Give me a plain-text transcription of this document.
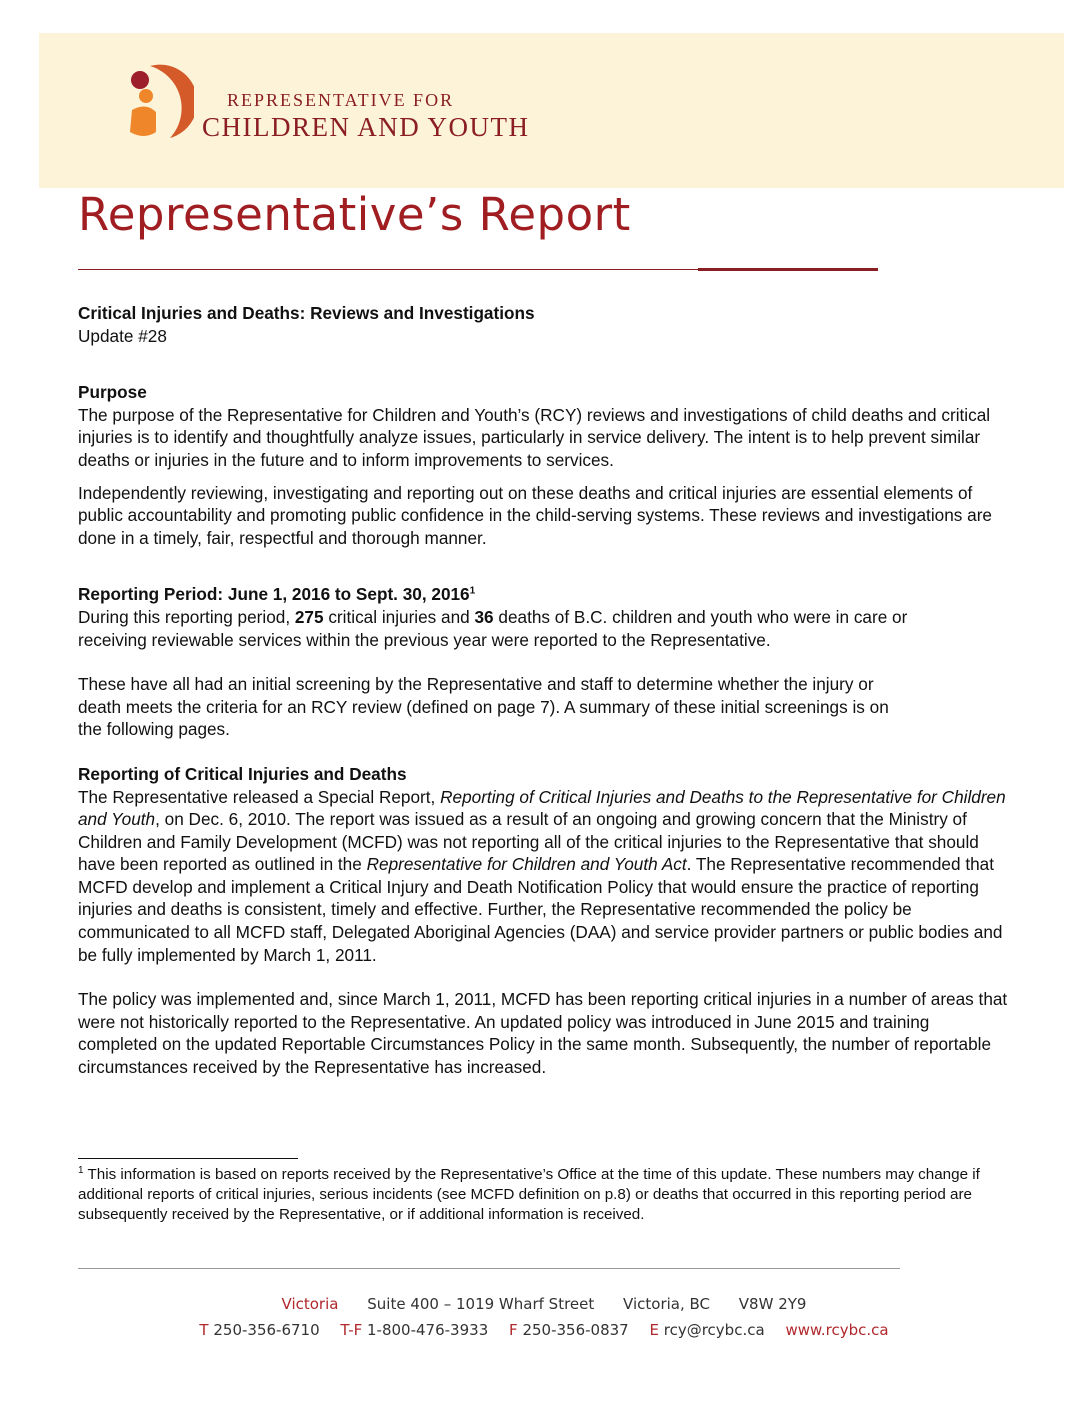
REPRESENTATIVE FOR
CHILDREN AND YOUTH
Representative’s Report

Critical Injuries and Deaths: Reviews and Investigations

Update #28

Purpose

The purpose of the Representative for Children and Youth’s (RCY) reviews and investigations of child deaths and critical injuries is to identify and thoughtfully analyze issues, particularly in service delivery. The intent is to help prevent similar deaths or injuries in the future and to inform improvements to services.

Independently reviewing, investigating and reporting out on these deaths and critical injuries are essential elements of public accountability and promoting public confidence in the child-serving systems. These reviews and investigations are done in a timely, fair, respectful and thorough manner.

Reporting Period: June 1, 2016 to Sept. 30, 2016$^1$

During this reporting period, 275 critical injuries and 36 deaths of B.C. children and youth who were in care or receiving reviewable services within the previous year were reported to the Representative.

These have all had an initial screening by the Representative and staff to determine whether the injury or death meets the criteria for an RCY review (defined on page 7). A summary of these initial screenings is on the following pages.

Reporting of Critical Injuries and Deaths

The Representative released a Special Report, Reporting of Critical Injuries and Deaths to the Representative for Children and Youth, on Dec. 6, 2010. The report was issued as a result of an ongoing and growing concern that the Ministry of Children and Family Development (MCFD) was not reporting all of the critical injuries to the Representative that should have been reported as outlined in the Representative for Children and Youth Act. The Representative recommended that MCFD develop and implement a Critical Injury and Death Notification Policy that would ensure the practice of reporting injuries and deaths is consistent, timely and effective. Further, the Representative recommended the policy be communicated to all MCFD staff, Delegated Aboriginal Agencies (DAA) and service provider partners or public bodies and be fully implemented by March 1, 2011.

The policy was implemented and, since March 1, 2011, MCFD has been reporting critical injuries in a number of areas that were not historically reported to the Representative. An updated policy was introduced in June 2015 and training completed on the updated Reportable Circumstances Policy in the same month. Subsequently, the number of reportable circumstances received by the Representative has increased.

$^1$ This information is based on reports received by the Representative’s Office at the time of this update. These numbers may change if additional reports of critical injuries, serious incidents (see MCFD definition on p.8) or deaths that occurred in this reporting period are subsequently received by the Representative, or if additional information is received.

Victoria Suite 400 – 1019 Wharf Street Victoria, BC V8W 2Y9
T 250-356-6710 T-F 1-800-476-3933 F 250-356-0837 E rcy@rcybc.ca www.rcybc.ca
